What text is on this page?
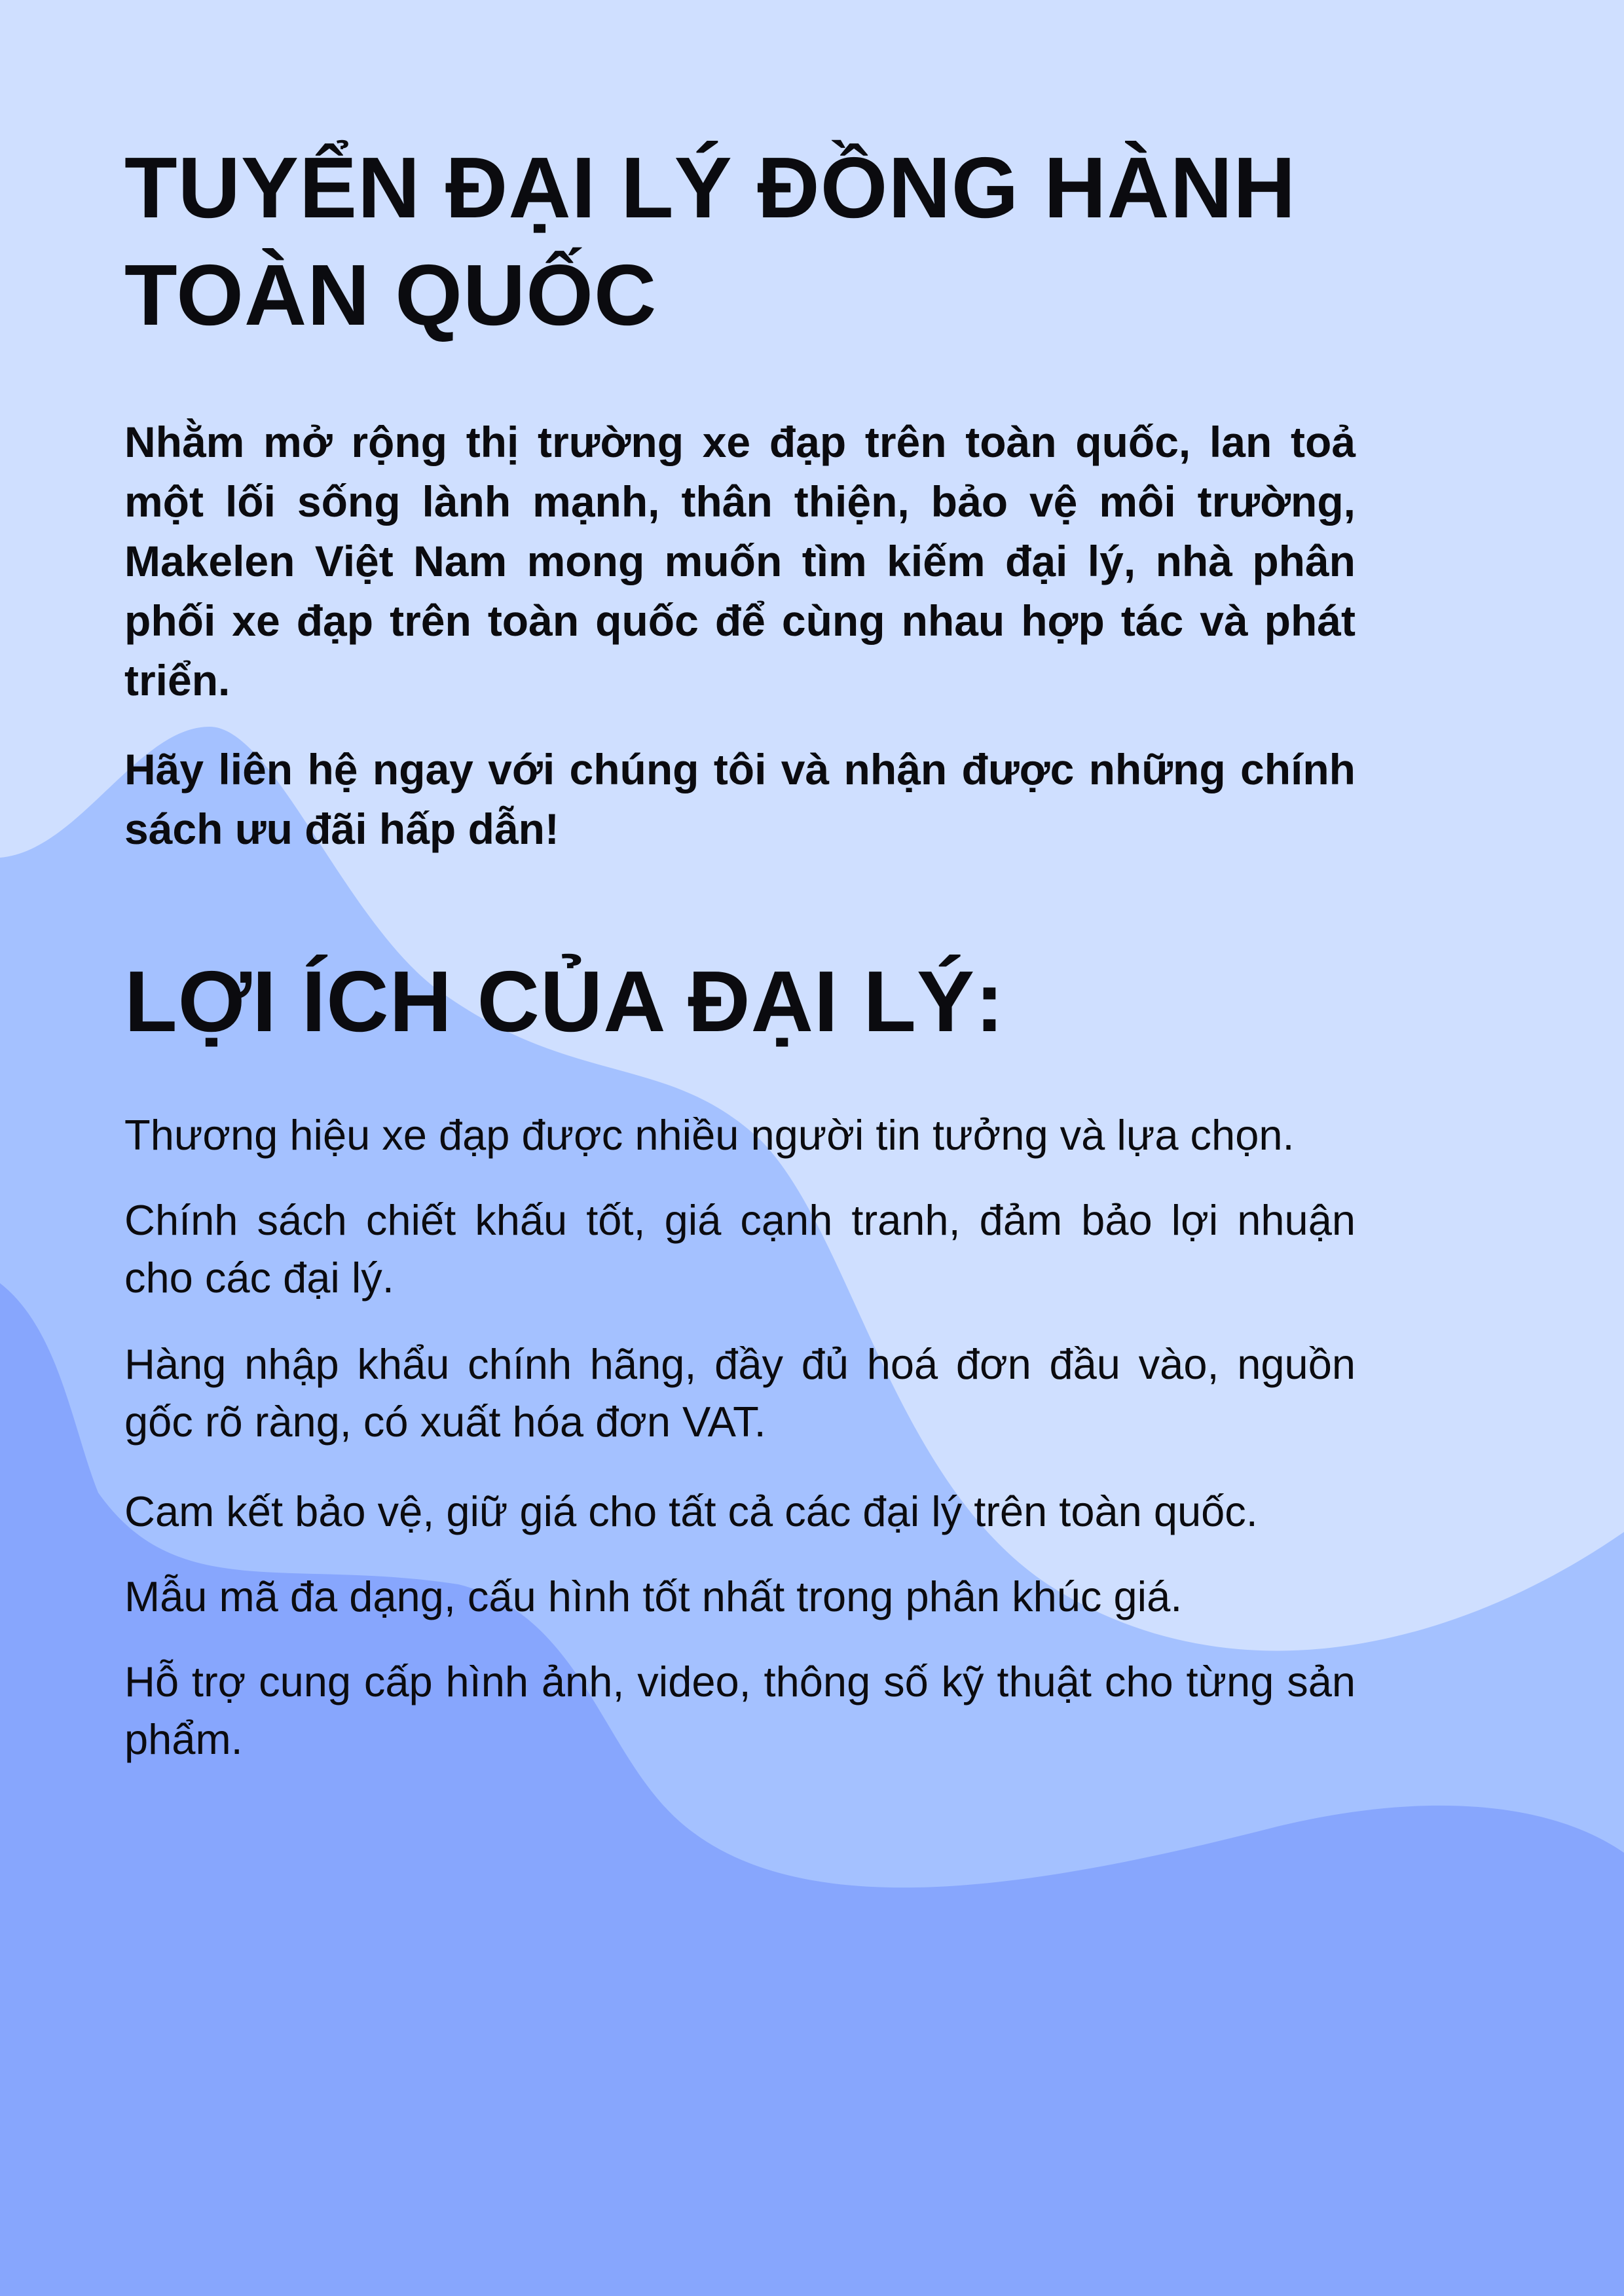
TUYỂN ĐẠI LÝ ĐỒNG HÀNH
TOÀN QUỐC

Nhằm mở rộng thị trường xe đạp trên toàn quốc, lan toả một lối sống lành mạnh, thân thiện, bảo vệ môi trường, Makelen Việt Nam mong muốn tìm kiếm đại lý, nhà phân phối xe đạp trên toàn quốc để cùng nhau hợp tác và phát triển.

Hãy liên hệ ngay với chúng tôi và nhận được những chính sách ưu đãi hấp dẫn!

LỢI ÍCH CỦA ĐẠI LÝ:

Thương hiệu xe đạp được nhiều người tin tưởng và lựa chọn.

Chính sách chiết khấu tốt, giá cạnh tranh, đảm bảo lợi nhuận cho các đại lý.

Hàng nhập khẩu chính hãng, đầy đủ hoá đơn đầu vào, nguồn gốc rõ ràng, có xuất hóa đơn VAT.

Cam kết bảo vệ, giữ giá cho tất cả các đại lý trên toàn quốc.

Mẫu mã đa dạng, cấu hình tốt nhất trong phân khúc giá.

Hỗ trợ cung cấp hình ảnh, video, thông số kỹ thuật cho từng sản phẩm.
